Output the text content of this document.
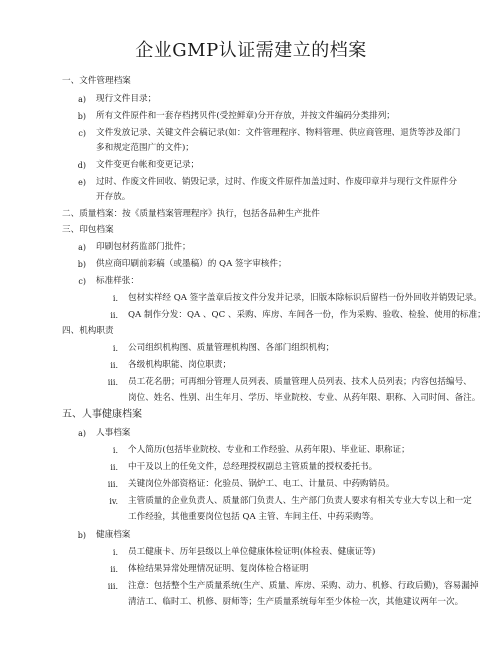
企业GMP认证需建立的档案
一、文件管理档案
a) 现行文件目录；
b) 所有文件原件和一套存档拷贝件(受控鲜章)分开存放，并按文件编码分类排列；
c) 文件发放记录、关键文件会稿记录(如：文件管理程序、物料管理、供应商管理、退货等涉及部门
多和规定范围广的文件)；
d) 文件变更台帐和变更记录；
e) 过时、作废文件回收、销毁记录，过时、作废文件原件加盖过时、作废印章并与现行文件原件分
开存放。
二、质量档案：按《质量档案管理程序》执行，包括各品种生产批件
三、印包档案
a) 印刷包材药监部门批件；
b) 供应商印刷前彩稿（或墨稿）的 QA 签字审核件；
c) 标准样张：
i. 包材实样经 QA 签字盖章后按文件分发并记录，旧版本除标识后留档一份外回收并销毁记录。
ii. QA 制作分发：QA 、QC 、采购、库房、车间各一份，作为采购、验收、检验、使用的标准；
四、机构职责
i. 公司组织机构图、质量管理机构图、各部门组织机构；
ii. 各级机构职能、岗位职责；
iii. 员工花名册；可再细分管理人员列表、质量管理人员列表、技术人员列表；内容包括编号、
岗位、姓名、性别、出生年月、学历、毕业院校、专业、从药年限、职称、入司时间、备注。
五、人事健康档案
a) 人事档案
i. 个人简历(包括毕业院校、专业和工作经验、从药年限)、毕业证、职称证；
ii. 中干及以上的任免文件，总经理授权副总主管质量的授权委托书。
iii. 关键岗位外部资格证：化验员、锅炉工、电工、计量员、中药购销员。
iv. 主管质量的企业负责人、质量部门负责人、生产部门负责人要求有相关专业大专以上和一定
工作经验，其他重要岗位包括 QA 主管、车间主任、中药采购等。
b) 健康档案
i. 员工健康卡、历年县级以上单位健康体检证明(体检表、健康证等)
ii. 体检结果异常处理情况证明、复岗体检合格证明
iii. 注意：包括整个生产质量系统(生产、质量、库房、采购、动力、机修、行政后勤)，容易漏掉
清洁工、临时工、机修、厨师等；生产质量系统每年至少体检一次，其他建议两年一次。
